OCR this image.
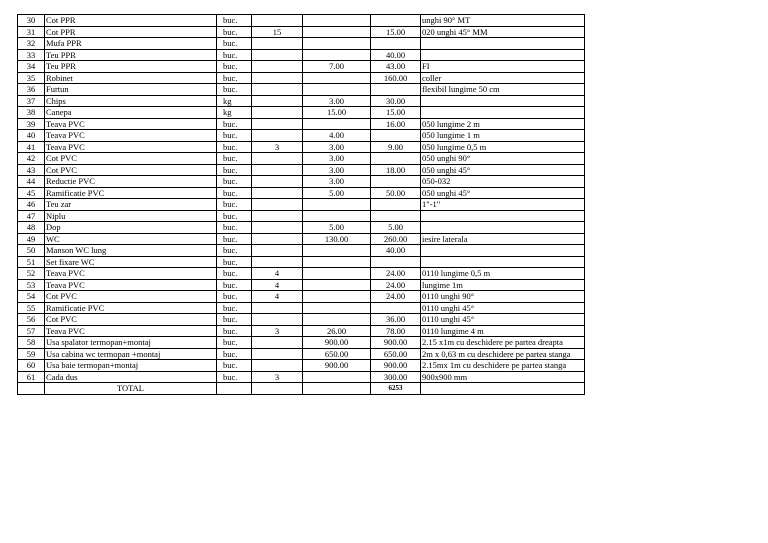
30	Cot PPR	buc.				unghi 90° MT
31	Cot PPR	buc.	15		15.00	020 unghi 45° MM
32	Mufa PPR	buc.				
33	Teu PPR	buc.			40.00	
34	Teu PPR	buc.		7.00	43.00	FI
35	Robinet	buc.			160.00	coller
36	Furtun	buc.				flexibil lungime 50 cm
37	Chips	kg		3.00	30.00	
38	Canepa	kg		15.00	15.00	
39	Teava PVC	buc.			16.00	050 lungime 2 m
40	Teava PVC	buc.		4.00		050 lungime 1 m
41	Teava PVC	buc.	3	3.00	9.00	050 lungime 0,5 m
42	Cot PVC	buc.		3.00		050 unghi 90°
43	Cot PVC	buc.		3.00	18.00	050 unghi 45°
44	Reductie PVC	buc.		3.00		050-032
45	Ramificatie PVC	buc.		5.00	50.00	050 unghi 45°
46	Teu zar	buc.				1"-1"
47	Niplu	buc.				
48	Dop	buc.		5.00	5.00	
49	WC	buc.		130.00	260.00	iesire laterala
50	Manson WC lung	buc.			40.00	
51	Set fixare WC	buc.				
52	Teava PVC	buc.	4		24.00	0110 lungime 0,5 m
53	Teava PVC	buc.	4		24.00	lungime 1m
54	Cot PVC	buc.	4		24.00	0110 unghi 90°
55	Ramificatie PVC	buc.				0110 unghi 45°
56	Cot PVC	buc.			36.00	0110 unghi 45°
57	Teava PVC	buc.	3	26.00	78.00	0110 lungime 4 m
58	Usa spalator termopan+montaj	buc.		900.00	900.00	2.15 x1m cu deschidere pe partea dreapta
59	Usa cabina wc termopan +montaj	buc.		650.00	650.00	2m x 0,63 m cu deschidere pe partea stanga
60	Usa baie termopan+montaj	buc.		900.00	900.00	2.15mx 1m cu deschidere pe partea stanga
61	Cada dus	buc.	3		300.00	900x900 mm
	TOTAL				6253	
